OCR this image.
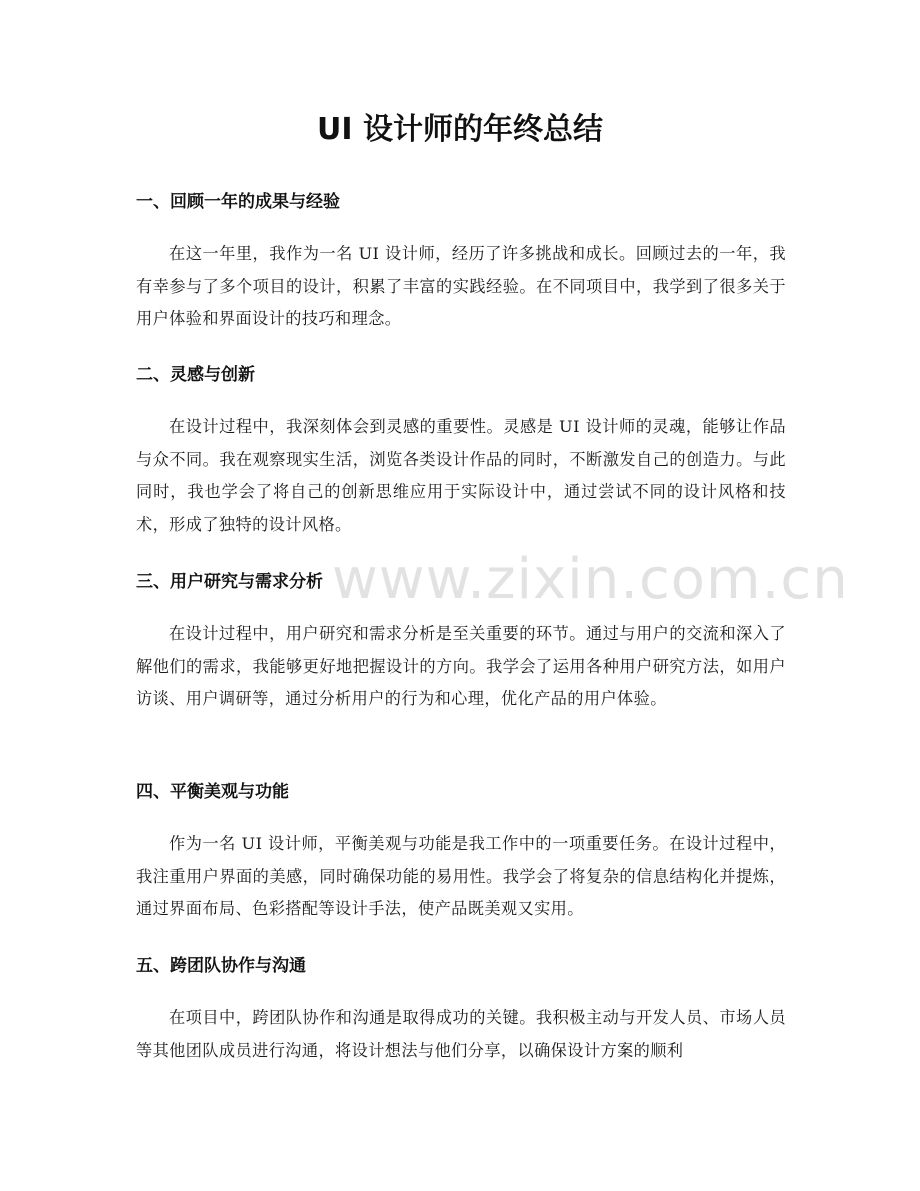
UI 设计师的年终总结
一、回顾一年的成果与经验

在这一年里，我作为一名 UI 设计师，经历了许多挑战和成长。回顾过去的一年，我有幸参与了多个项目的设计，积累了丰富的实践经验。在不同项目中，我学到了很多关于用户体验和界面设计的技巧和理念。

二、灵感与创新

在设计过程中，我深刻体会到灵感的重要性。灵感是 UI 设计师的灵魂，能够让作品与众不同。我在观察现实生活，浏览各类设计作品的同时，不断激发自己的创造力。与此同时，我也学会了将自己的创新思维应用于实际设计中，通过尝试不同的设计风格和技术，形成了独特的设计风格。

三、用户研究与需求分析

在设计过程中，用户研究和需求分析是至关重要的环节。通过与用户的交流和深入了解他们的需求，我能够更好地把握设计的方向。我学会了运用各种用户研究方法，如用户访谈、用户调研等，通过分析用户的行为和心理，优化产品的用户体验。

四、平衡美观与功能

作为一名 UI 设计师，平衡美观与功能是我工作中的一项重要任务。在设计过程中，我注重用户界面的美感，同时确保功能的易用性。我学会了将复杂的信息结构化并提炼，通过界面布局、色彩搭配等设计手法，使产品既美观又实用。

五、跨团队协作与沟通

在项目中，跨团队协作和沟通是取得成功的关键。我积极主动与开发人员、市场人员等其他团队成员进行沟通，将设计想法与他们分享，以确保设计方案的顺利

www.zixin.com.cn
